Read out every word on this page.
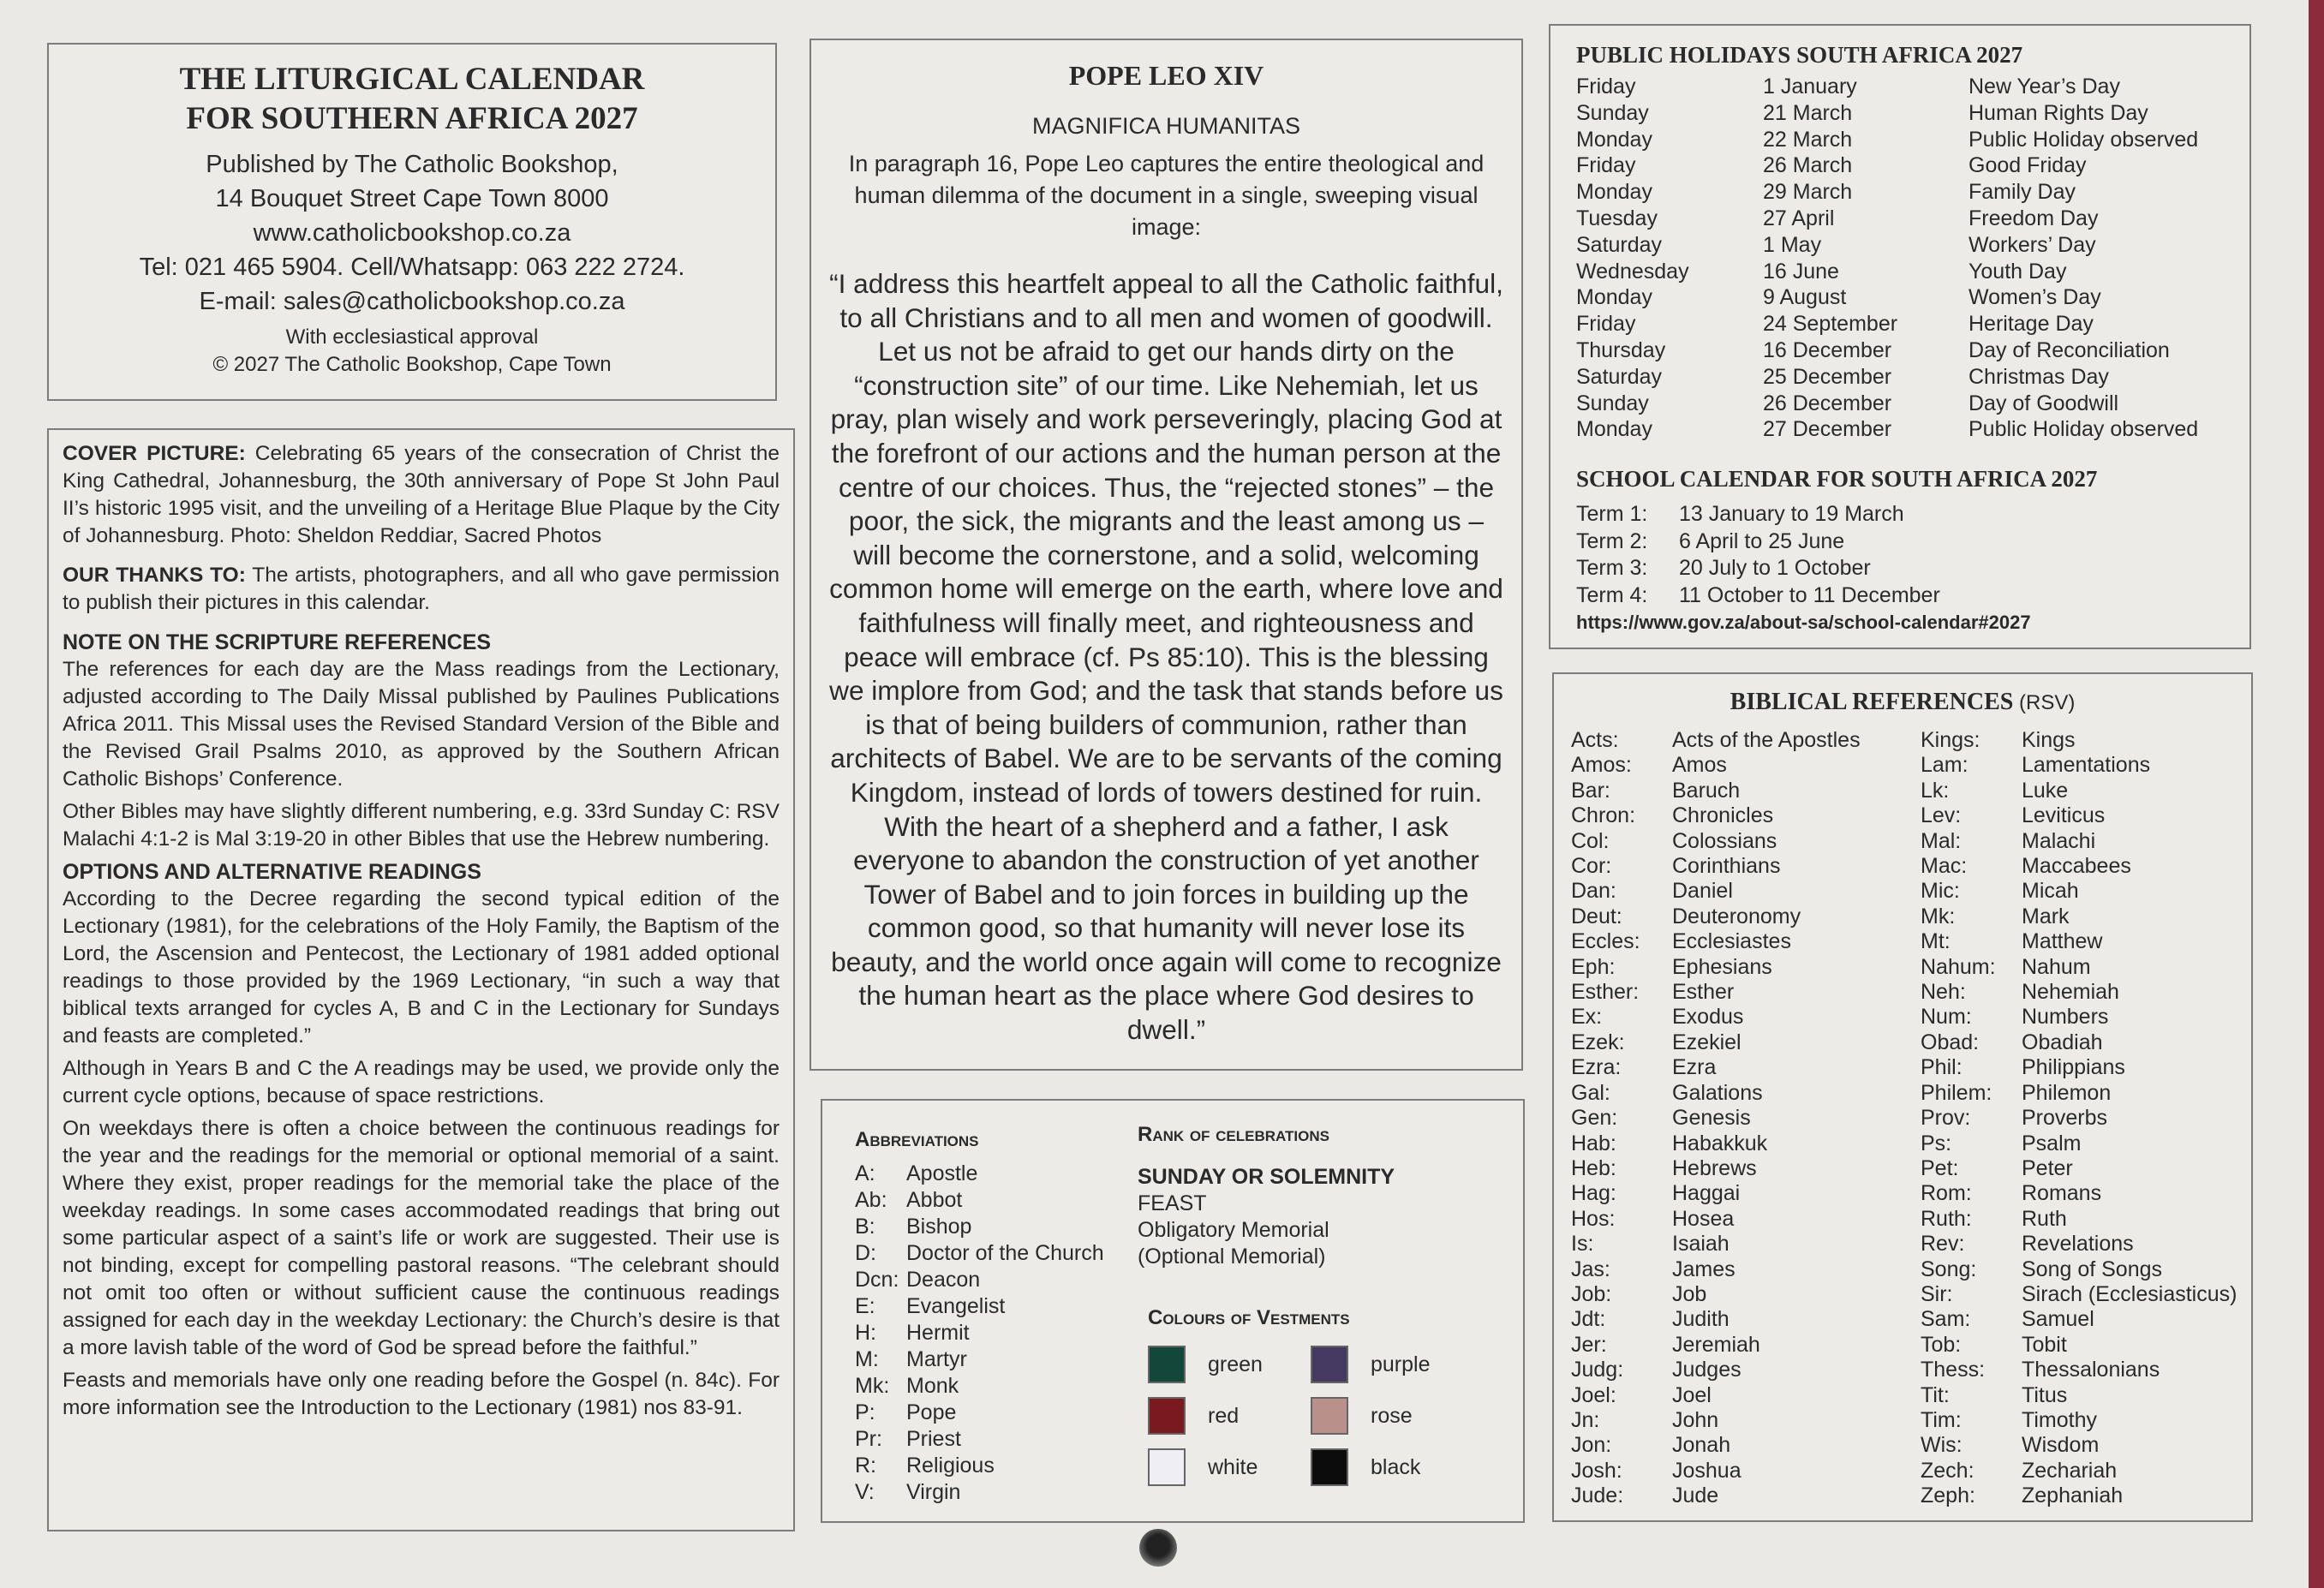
THE LITURGICAL CALENDAR
FOR SOUTHERN AFRICA 2027
Published by The Catholic Bookshop,
14 Bouquet Street Cape Town 8000
www.catholicbookshop.co.za
Tel: 021 465 5904. Cell/Whatsapp: 063 222 2724.
E-mail: sales@catholicbookshop.co.za
With ecclesiastical approval
© 2027 The Catholic Bookshop, Cape Town

COVER PICTURE: Celebrating 65 years of the consecration of Christ the King Cathedral, Johannesburg, the 30th anniversary of Pope St John Paul II’s historic 1995 visit, and the unveiling of a Heritage Blue Plaque by the City of Johannesburg. Photo: Sheldon Reddiar, Sacred Photos

OUR THANKS TO: The artists, photographers, and all who gave permission to publish their pictures in this calendar.

NOTE ON THE SCRIPTURE REFERENCES

The references for each day are the Mass readings from the Lectionary, adjusted according to The Daily Missal published by Paulines Publications Africa 2011. This Missal uses the Revised Standard Version of the Bible and the Revised Grail Psalms 2010, as approved by the Southern African Catholic Bishops’ Conference.

Other Bibles may have slightly different numbering, e.g. 33rd Sunday C: RSV Malachi 4:1-2 is Mal 3:19-20 in other Bibles that use the Hebrew numbering.

OPTIONS AND ALTERNATIVE READINGS

According to the Decree regarding the second typical edition of the Lectionary (1981), for the celebrations of the Holy Family, the Baptism of the Lord, the Ascension and Pentecost, the Lectionary of 1981 added optional readings to those provided by the 1969 Lectionary, “in such a way that biblical texts arranged for cycles A, B and C in the Lectionary for Sundays and feasts are completed.”

Although in Years B and C the A readings may be used, we provide only the current cycle options, because of space restrictions.

On weekdays there is often a choice between the continuous readings for the year and the readings for the memorial or optional memorial of a saint. Where they exist, proper readings for the memorial take the place of the weekday readings. In some cases accommodated readings that bring out some particular aspect of a saint’s life or work are suggested. Their use is not binding, except for compelling pastoral reasons. “The celebrant should not omit too often or without sufficient cause the continuous readings assigned for each day in the weekday Lectionary: the Church’s desire is that a more lavish table of the word of God be spread before the faithful.”

Feasts and memorials have only one reading before the Gospel (n. 84c). For more information see the Introduction to the Lectionary (1981) nos 83-91.

POPE LEO XIV
MAGNIFICA HUMANITAS
In paragraph 16, Pope Leo captures the entire theological and human dilemma of the document in a single, sweeping visual image:
“I address this heartfelt appeal to all the Catholic faithful, to all Christians and to all men and women of goodwill. Let us not be afraid to get our hands dirty on the “construction site” of our time. Like Nehemiah, let us pray, plan wisely and work perseveringly, placing God at the forefront of our actions and the human person at the centre of our choices. Thus, the “rejected stones” – the poor, the sick, the migrants and the least among us – will become the cornerstone, and a solid, welcoming common home will emerge on the earth, where love and faithfulness will finally meet, and righteousness and peace will embrace (cf. Ps 85:10). This is the blessing we implore from God; and the task that stands before us is that of being builders of communion, rather than architects of Babel. We are to be servants of the coming Kingdom, instead of lords of towers destined for ruin. With the heart of a shepherd and a father, I ask everyone to abandon the construction of yet another Tower of Babel and to join forces in building up the common good, so that humanity will never lose its beauty, and the world once again will come to recognize the human heart as the place where God desires to dwell.”
Abbreviations
A:	Apostle
Ab: Abbot
B:	Bishop
D:	Doctor of the Church
Dcn: Deacon
E:	Evangelist
H:	Hermit
M:	Martyr
Mk: Monk
P:	Pope
Pr:	Priest
R:	Religious
V:	Virgin
Rank of celebrations
SUNDAY OR SOLEMNITY
FEAST
Obligatory Memorial
(Optional Memorial)
Colours of Vestments
green	purple
red	rose
white	black
PUBLIC HOLIDAYS SOUTH AFRICA 2027
Friday	1 January	New Year’s Day
Sunday	21 March	Human Rights Day
Monday	22 March	Public Holiday observed
Friday	26 March	Good Friday
Monday	29 March	Family Day
Tuesday	27 April	Freedom Day
Saturday	1 May	Workers’ Day
Wednesday	16 June	Youth Day
Monday	9 August	Women’s Day
Friday	24 September	Heritage Day
Thursday	16 December	Day of Reconciliation
Saturday	25 December	Christmas Day
Sunday	26 December	Day of Goodwill
Monday	27 December	Public Holiday observed
SCHOOL CALENDAR FOR SOUTH AFRICA 2027
Term 1:	13 January to 19 March
Term 2:	6 April to 25 June
Term 3:	20 July to 1 October
Term 4:	11 October to 11 December
https://www.gov.za/about-sa/school-calendar#2027
BIBLICAL REFERENCES (RSV)
Acts:	Acts of the Apostles
Amos:	Amos
Bar:	Baruch
Chron:	Chronicles
Col:	Colossians
Cor:	Corinthians
Dan:	Daniel
Deut:	Deuteronomy
Eccles:	Ecclesiastes
Eph:	Ephesians
Esther:	Esther
Ex:	Exodus
Ezek:	Ezekiel
Ezra:	Ezra
Gal:	Galations
Gen:	Genesis
Hab:	Habakkuk
Heb:	Hebrews
Hag:	Haggai
Hos:	Hosea
Is:	Isaiah
Jas:	James
Job:	Job
Jdt:	Judith
Jer:	Jeremiah
Judg:	Judges
Joel:	Joel
Jn:	John
Jon:	Jonah
Josh:	Joshua
Jude:	Jude
Kings:	Kings
Lam:	Lamentations
Lk:	Luke
Lev:	Leviticus
Mal:	Malachi
Mac:	Maccabees
Mic:	Micah
Mk:	Mark
Mt:	Matthew
Nahum:	Nahum
Neh:	Nehemiah
Num:	Numbers
Obad:	Obadiah
Phil:	Philippians
Philem:	Philemon
Prov:	Proverbs
Ps:	Psalm
Pet:	Peter
Rom:	Romans
Ruth:	Ruth
Rev:	Revelations
Song:	Song of Songs
Sir:	Sirach (Ecclesiasticus)
Sam:	Samuel
Tob:	Tobit
Thess:	Thessalonians
Tit:	Titus
Tim:	Timothy
Wis:	Wisdom
Zech:	Zechariah
Zeph:	Zephaniah
